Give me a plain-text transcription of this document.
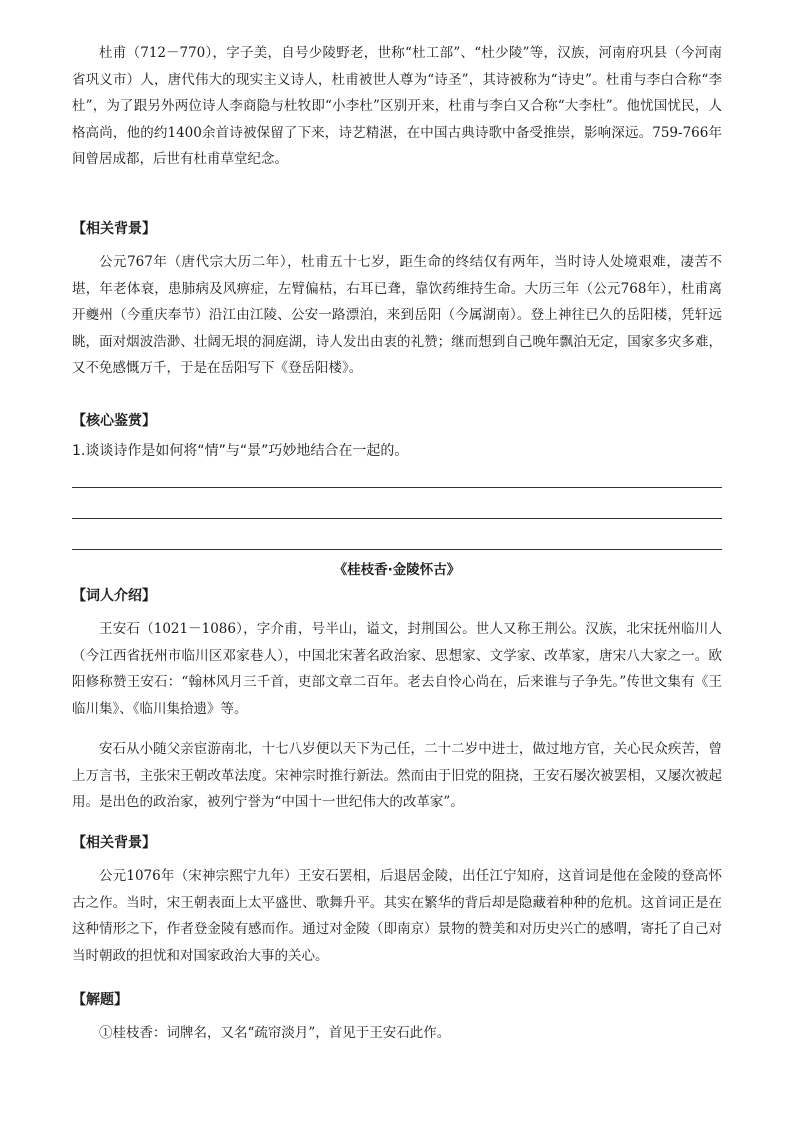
杜甫（712－770），字子美，自号少陵野老，世称“杜工部”、“杜少陵”等，汉族，河南府巩县（今河南省巩义市）人，唐代伟大的现实主义诗人，杜甫被世人尊为“诗圣”，其诗被称为“诗史”。杜甫与李白合称“李杜”，为了跟另外两位诗人李商隐与杜牧即“小李杜”区别开来，杜甫与李白又合称“大李杜”。他忧国忧民，人格高尚，他的约1400余首诗被保留了下来，诗艺精湛，在中国古典诗歌中备受推崇，影响深远。759-766年间曾居成都，后世有杜甫草堂纪念。

【相关背景】

公元767年（唐代宗大历二年），杜甫五十七岁，距生命的终结仅有两年，当时诗人处境艰难，凄苦不堪，年老体衰，患肺病及风痹症，左臂偏枯，右耳已聋，靠饮药维持生命。大历三年（公元768年），杜甫离开夔州（今重庆奉节）沿江由江陵、公安一路漂泊，来到岳阳（今属湖南）。登上神往已久的岳阳楼，凭轩远眺，面对烟波浩渺、壮阔无垠的洞庭湖，诗人发出由衷的礼赞；继而想到自己晚年飘泊无定，国家多灾多难，又不免感慨万千，于是在岳阳写下《登岳阳楼》。

【核心鉴赏】

1.谈谈诗作是如何将“情”与“景”巧妙地结合在一起的。

《桂枝香·金陵怀古》

【词人介绍】

王安石（1021－1086），字介甫，号半山，谥文，封荆国公。世人又称王荆公。汉族，北宋抚州临川人（今江西省抚州市临川区邓家巷人），中国北宋著名政治家、思想家、文学家、改革家，唐宋八大家之一。欧阳修称赞王安石：“翰林风月三千首，吏部文章二百年。老去自怜心尚在，后来谁与子争先。”传世文集有《王临川集》、《临川集拾遗》等。

安石从小随父亲宦游南北，十七八岁便以天下为己任，二十二岁中进士，做过地方官，关心民众疾苦，曾上万言书，主张宋王朝改革法度。宋神宗时推行新法。然而由于旧党的阻挠，王安石屡次被罢相，又屡次被起用。是出色的政治家，被列宁誉为“中国十一世纪伟大的改革家”。

【相关背景】

公元1076年（宋神宗熙宁九年）王安石罢相，后退居金陵，出任江宁知府，这首词是他在金陵的登高怀古之作。当时，宋王朝表面上太平盛世、歌舞升平。其实在繁华的背后却是隐藏着种种的危机。这首词正是在这种情形之下，作者登金陵有感而作。通过对金陵（即南京）景物的赞美和对历史兴亡的感喟，寄托了自己对当时朝政的担忧和对国家政治大事的关心。

【解题】

①桂枝香：词牌名，又名“疏帘淡月”，首见于王安石此作。
